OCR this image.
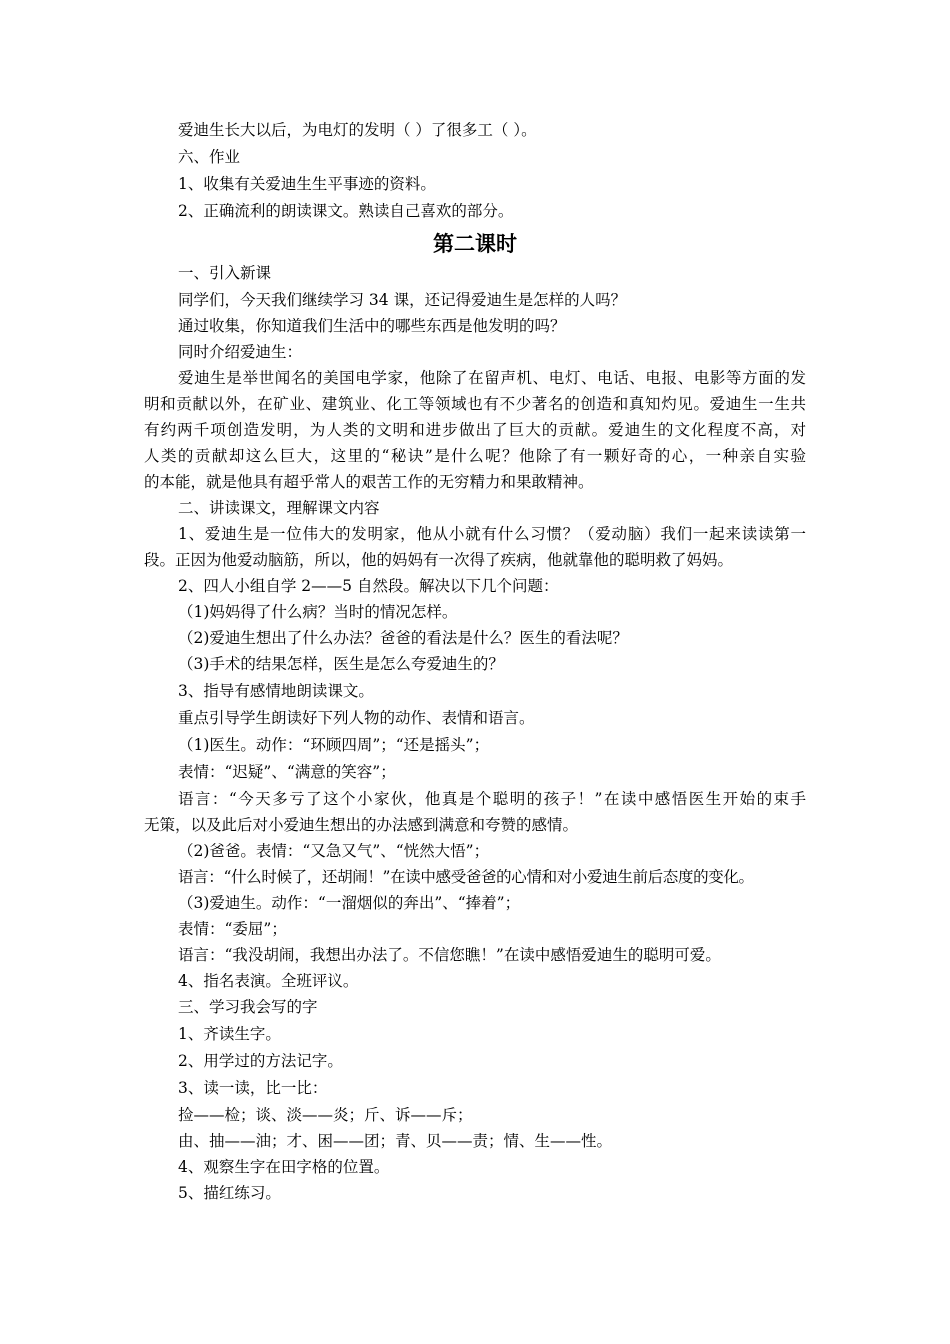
爱迪生长大以后，为电灯的发明（ ）了很多工（ ）。
六、作业
1、收集有关爱迪生生平事迹的资料。
2、正确流利的朗读课文。熟读自己喜欢的部分。
第二课时
一、引入新课
同学们，今天我们继续学习 34 课，还记得爱迪生是怎样的人吗？
通过收集，你知道我们生活中的哪些东西是他发明的吗？
同时介绍爱迪生：
爱迪生是举世闻名的美国电学家，他除了在留声机、电灯、电话、电报、电影等方面的发
明和贡献以外，在矿业、建筑业、化工等领域也有不少著名的创造和真知灼见。爱迪生一生共
有约两千项创造发明，为人类的文明和进步做出了巨大的贡献。爱迪生的文化程度不高，对
人类的贡献却这么巨大，这里的“秘诀”是什么呢？他除了有一颗好奇的心，一种亲自实验
的本能，就是他具有超乎常人的艰苦工作的无穷精力和果敢精神。
二、讲读课文，理解课文内容
1、爱迪生是一位伟大的发明家，他从小就有什么习惯？（爱动脑）我们一起来读读第一
段。正因为他爱动脑筋，所以，他的妈妈有一次得了疾病，他就靠他的聪明救了妈妈。
2、四人小组自学 2——5 自然段。解决以下几个问题：
（1)妈妈得了什么病？当时的情况怎样。
（2)爱迪生想出了什么办法？爸爸的看法是什么？医生的看法呢？
（3)手术的结果怎样，医生是怎么夸爱迪生的？
3、指导有感情地朗读课文。
重点引导学生朗读好下列人物的动作、表情和语言。
（1)医生。动作：“环顾四周”；“还是摇头”；
表情：“迟疑”、“满意的笑容”；
语言：“今天多亏了这个小家伙，他真是个聪明的孩子！”在读中感悟医生开始的束手
无策，以及此后对小爱迪生想出的办法感到满意和夸赞的感情。
（2)爸爸。表情：“又急又气”、“恍然大悟”；
语言：“什么时候了，还胡闹！”在读中感受爸爸的心情和对小爱迪生前后态度的变化。
（3)爱迪生。动作：“一溜烟似的奔出”、“捧着”；
表情：“委屈”；
语言：“我没胡闹，我想出办法了。不信您瞧！”在读中感悟爱迪生的聪明可爱。
4、指名表演。全班评议。
三、学习我会写的字
1、齐读生字。
2、用学过的方法记字。
3、读一读，比一比：
捡——检；谈、淡——炎；斤、诉——斥；
由、抽——油；才、困——团；青、贝——责；情、生——性。
4、观察生字在田字格的位置。
5、描红练习。
